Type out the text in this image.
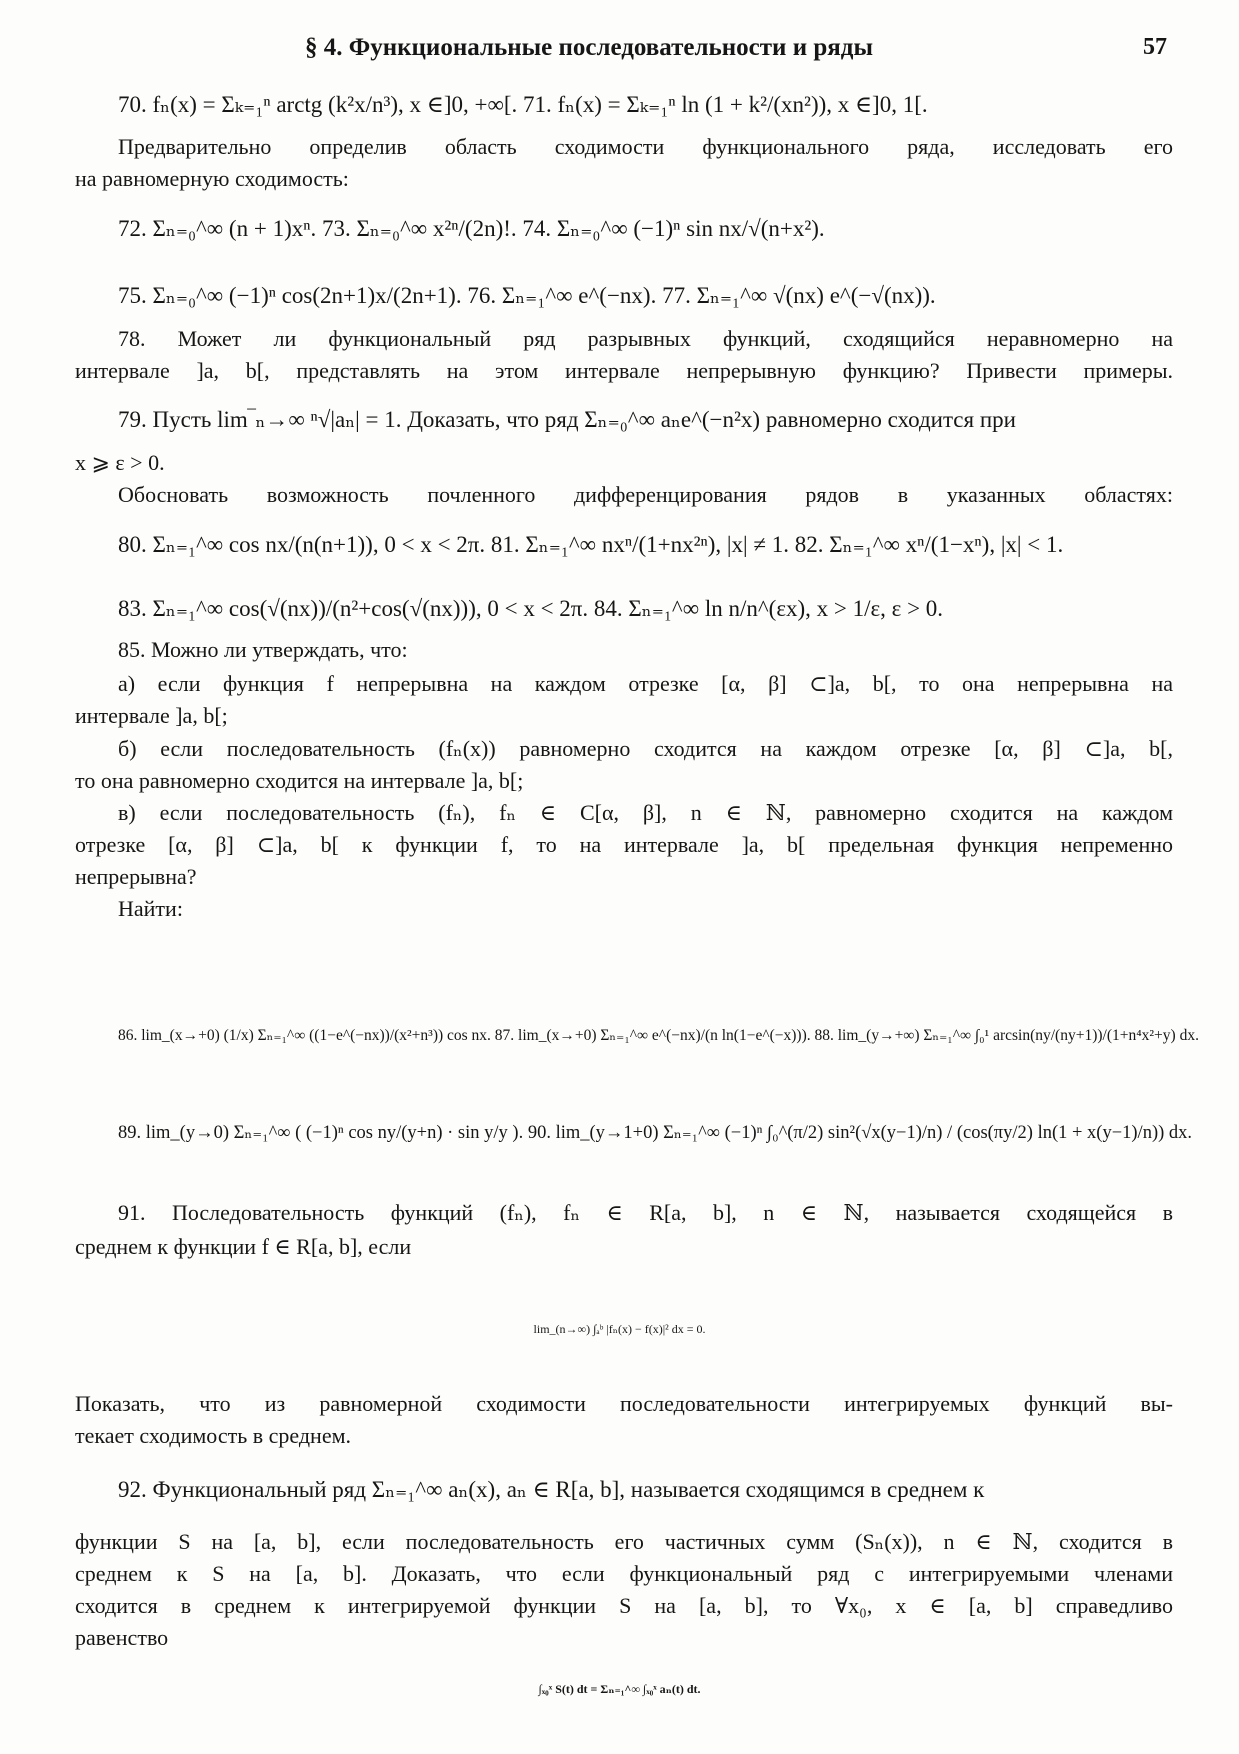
§ 4. Функциональные последовательности и ряды	57
70. fₙ(x) = Σₖ₌₁ⁿ arctg (k²x/n³), x ∈]0, +∞[. 71. fₙ(x) = Σₖ₌₁ⁿ ln (1 + k²/(xn²)), x ∈]0, 1[.
Предварительно определив область сходимости функционального ряда, исследовать его
на равномерную сходимость:
72. Σₙ₌₀^∞ (n + 1)xⁿ. 73. Σₙ₌₀^∞ x²ⁿ/(2n)!. 74. Σₙ₌₀^∞ (−1)ⁿ sin nx/√(n+x²).
75. Σₙ₌₀^∞ (−1)ⁿ cos(2n+1)x/(2n+1). 76. Σₙ₌₁^∞ e^(−nx). 77. Σₙ₌₁^∞ √(nx) e^(−√(nx)).
78. Может ли функциональный ряд разрывных функций, сходящийся неравномерно на
интервале ]a, b[, представлять на этом интервале непрерывную функцию? Привести примеры.
79. Пусть lim‾ₙ→∞ ⁿ√|aₙ| = 1. Доказать, что ряд Σₙ₌₀^∞ aₙe^(−n²x) равномерно сходится при
x ⩾ ε > 0.
Обосновать возможность почленного дифференцирования рядов в указанных областях:
80. Σₙ₌₁^∞ cos nx/(n(n+1)), 0 < x < 2π. 81. Σₙ₌₁^∞ nxⁿ/(1+nx²ⁿ), |x| ≠ 1. 82. Σₙ₌₁^∞ xⁿ/(1−xⁿ), |x| < 1.
83. Σₙ₌₁^∞ cos(√(nx))/(n²+cos(√(nx))), 0 < x < 2π. 84. Σₙ₌₁^∞ ln n/n^(εx), x > 1/ε, ε > 0.
85. Можно ли утверждать, что:
а) если функция f непрерывна на каждом отрезке [α, β] ⊂]a, b[, то она непрерывна на
интервале ]a, b[;
б) если последовательность (fₙ(x)) равномерно сходится на каждом отрезке [α, β] ⊂]a, b[,
то она равномерно сходится на интервале ]a, b[;
в) если последовательность (fₙ), fₙ ∈ C[α, β], n ∈ ℕ, равномерно сходится на каждом
отрезке [α, β] ⊂]a, b[ к функции f, то на интервале ]a, b[ предельная функция непременно
непрерывна?
Найти:
86. lim_(x→+0) (1/x) Σₙ₌₁^∞ ((1−e^(−nx))/(x²+n³)) cos nx. 87. lim_(x→+0) Σₙ₌₁^∞ e^(−nx)/(n ln(1−e^(−x))). 88. lim_(y→+∞) Σₙ₌₁^∞ ∫₀¹ arcsin(ny/(ny+1))/(1+n⁴x²+y) dx.
89. lim_(y→0) Σₙ₌₁^∞ ( (−1)ⁿ cos ny/(y+n) · sin y/y ). 90. lim_(y→1+0) Σₙ₌₁^∞ (−1)ⁿ ∫₀^(π/2) sin²(√x(y−1)/n) / (cos(πy/2) ln(1 + x(y−1)/n)) dx.
91. Последовательность функций (fₙ), fₙ ∈ R[a, b], n ∈ ℕ, называется сходящейся в
среднем к функции f ∈ R[a, b], если
lim_(n→∞) ∫ₐᵇ |fₙ(x) − f(x)|² dx = 0.
Показать, что из равномерной сходимости последовательности интегрируемых функций вы-
текает сходимость в среднем.
92. Функциональный ряд Σₙ₌₁^∞ aₙ(x), aₙ ∈ R[a, b], называется сходящимся в среднем к
функции S на [a, b], если последовательность его частичных сумм (Sₙ(x)), n ∈ ℕ, сходится в
среднем к S на [a, b]. Доказать, что если функциональный ряд с интегрируемыми членами
сходится в среднем к интегрируемой функции S на [a, b], то ∀x₀, x ∈ [a, b] справедливо
равенство
∫ₓ₀ˣ S(t) dt = Σₙ₌₁^∞ ∫ₓ₀ˣ aₙ(t) dt.
